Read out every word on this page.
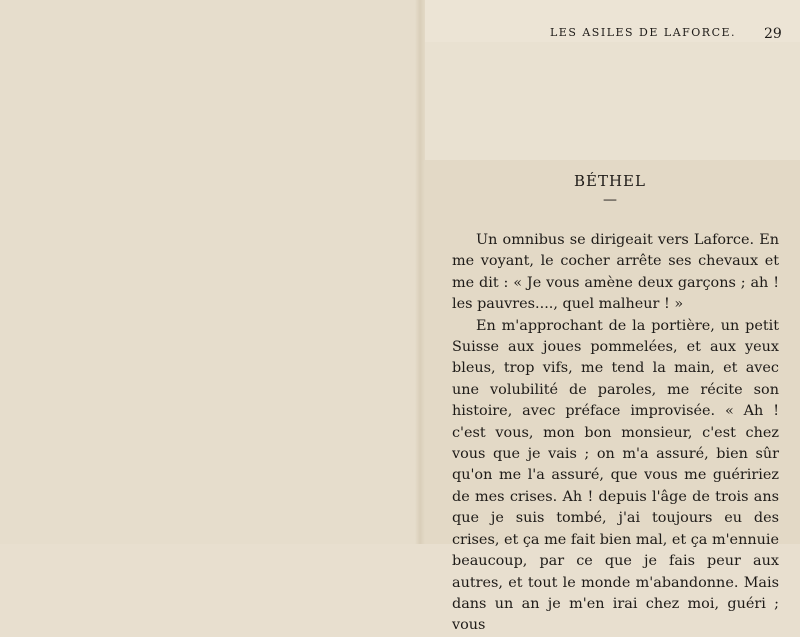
LES ASILES DE LAFORCE. 29
BÉTHEL
—

Un omnibus se dirigeait vers Laforce. En me voyant, le cocher arrête ses chevaux et me dit : « Je vous amène deux garçons ; ah ! les pauvres...., quel malheur ! »

En m'approchant de la portière, un petit Suisse aux joues pommelées, et aux yeux bleus, trop vifs, me tend la main, et avec une volubilité de paroles, me récite son histoire, avec préface improvisée. « Ah ! c'est vous, mon bon monsieur, c'est chez vous que je vais ; on m'a assuré, bien sûr qu'on me l'a assuré, que vous me guéririez de mes crises. Ah ! depuis l'âge de trois ans que je suis tombé, j'ai toujours eu des crises, et ça me fait bien mal, et ça m'ennuie beaucoup, par ce que je fais peur aux autres, et tout le monde m'abandonne. Mais dans un an je m'en irai chez moi, guéri ; vous
